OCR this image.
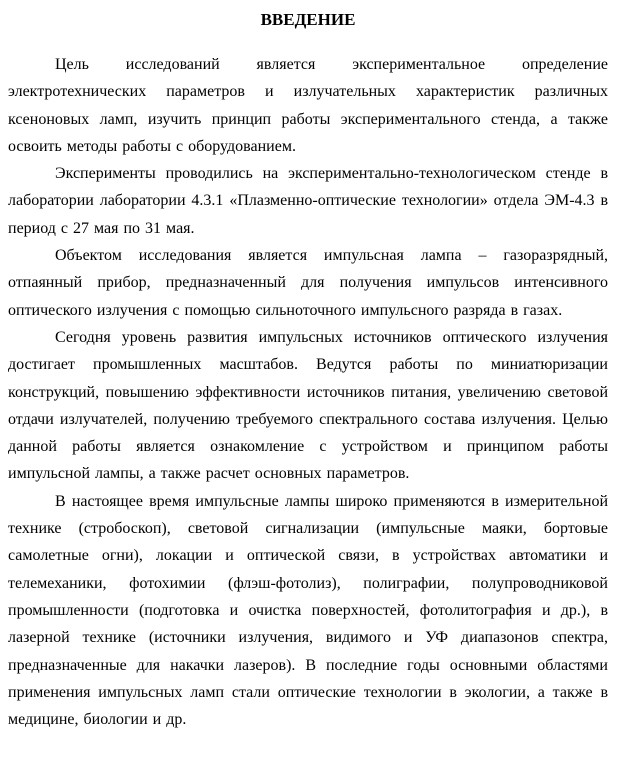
ВВЕДЕНИЕ

Цель исследований является экспериментальное определение электротехнических параметров и излучательных характеристик различных ксеноновых ламп, изучить принцип работы экспериментального стенда, а также освоить методы работы с оборудованием.

Эксперименты проводились на экспериментально-технологическом стенде в лаборатории лаборатории 4.3.1 «Плазменно-оптические технологии» отдела ЭМ-4.3 в период с 27 мая по 31 мая.

Объектом исследования является импульсная лампа – газоразрядный, отпаянный прибор, предназначенный для получения импульсов интенсивного оптического излучения с помощью сильноточного импульсного разряда в газах.

Сегодня уровень развития импульсных источников оптического излучения достигает промышленных масштабов. Ведутся работы по миниатюризации конструкций, повышению эффективности источников питания, увеличению световой отдачи излучателей, получению требуемого спектрального состава излучения. Целью данной работы является ознакомление с устройством и принципом работы импульсной лампы, а также расчет основных параметров.

В настоящее время импульсные лампы широко применяются в измерительной технике (стробоскоп), световой сигнализации (импульсные маяки, бортовые самолетные огни), локации и оптической связи, в устройствах автоматики и телемеханики, фотохимии (флэш-фотолиз), полиграфии, полупроводниковой промышленности (подготовка и очистка поверхностей, фотолитография и др.), в лазерной технике (источники излучения, видимого и УФ диапазонов спектра, предназначенные для накачки лазеров). В последние годы основными областями применения импульсных ламп стали оптические технологии в экологии, а также в медицине, биологии и др.
